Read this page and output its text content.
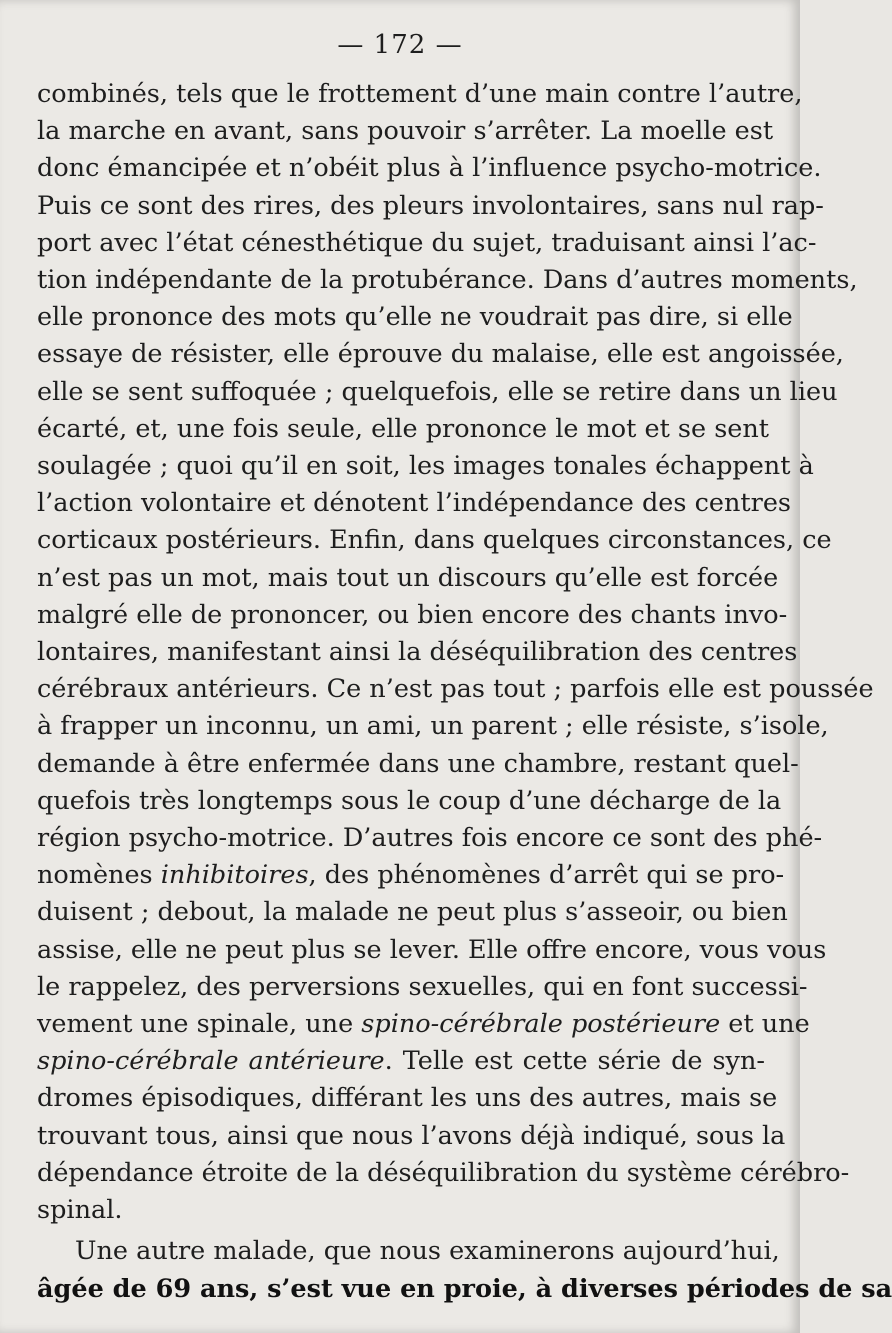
— 172 —
combinés, tels que le frottement d’une main contre l’autre,
la marche en avant, sans pouvoir s’arrêter. La moelle est
donc émancipée et n’obéit plus à l’influence psycho-motrice.
Puis ce sont des rires, des pleurs involontaires, sans nul rap-
port avec l’état cénesthétique du sujet, traduisant ainsi l’ac-
tion indépendante de la protubérance. Dans d’autres moments,
elle prononce des mots qu’elle ne voudrait pas dire, si elle
essaye de résister, elle éprouve du malaise, elle est angoissée,
elle se sent suffoquée ; quelquefois, elle se retire dans un lieu
écarté, et, une fois seule, elle prononce le mot et se sent
soulagée ; quoi qu’il en soit, les images tonales échappent à
l’action volontaire et dénotent l’indépendance des centres
corticaux postérieurs. Enfin, dans quelques circonstances, ce
n’est pas un mot, mais tout un discours qu’elle est forcée
malgré elle de prononcer, ou bien encore des chants invo-
lontaires, manifestant ainsi la déséquilibration des centres
cérébraux antérieurs. Ce n’est pas tout ; parfois elle est poussée
à frapper un inconnu, un ami, un parent ; elle résiste, s’isole,
demande à être enfermée dans une chambre, restant quel-
quefois très longtemps sous le coup d’une décharge de la
région psycho-motrice. D’autres fois encore ce sont des phé-
nomènes inhibitoires, des phénomènes d’arrêt qui se pro-
duisent ; debout, la malade ne peut plus s’asseoir, ou bien
assise, elle ne peut plus se lever. Elle offre encore, vous vous
le rappelez, des perversions sexuelles, qui en font successi-
vement une spinale, une spino-cérébrale postérieure et une
spino-cérébrale antérieure. Telle est cette série de syn-
dromes épisodiques, différant les uns des autres, mais se
trouvant tous, ainsi que nous l’avons déjà indiqué, sous la
dépendance étroite de la déséquilibration du système cérébro-
spinal.
Une autre malade, que nous examinerons aujourd’hui,
âgée de 69 ans, s’est vue en proie, à diverses périodes de sa
